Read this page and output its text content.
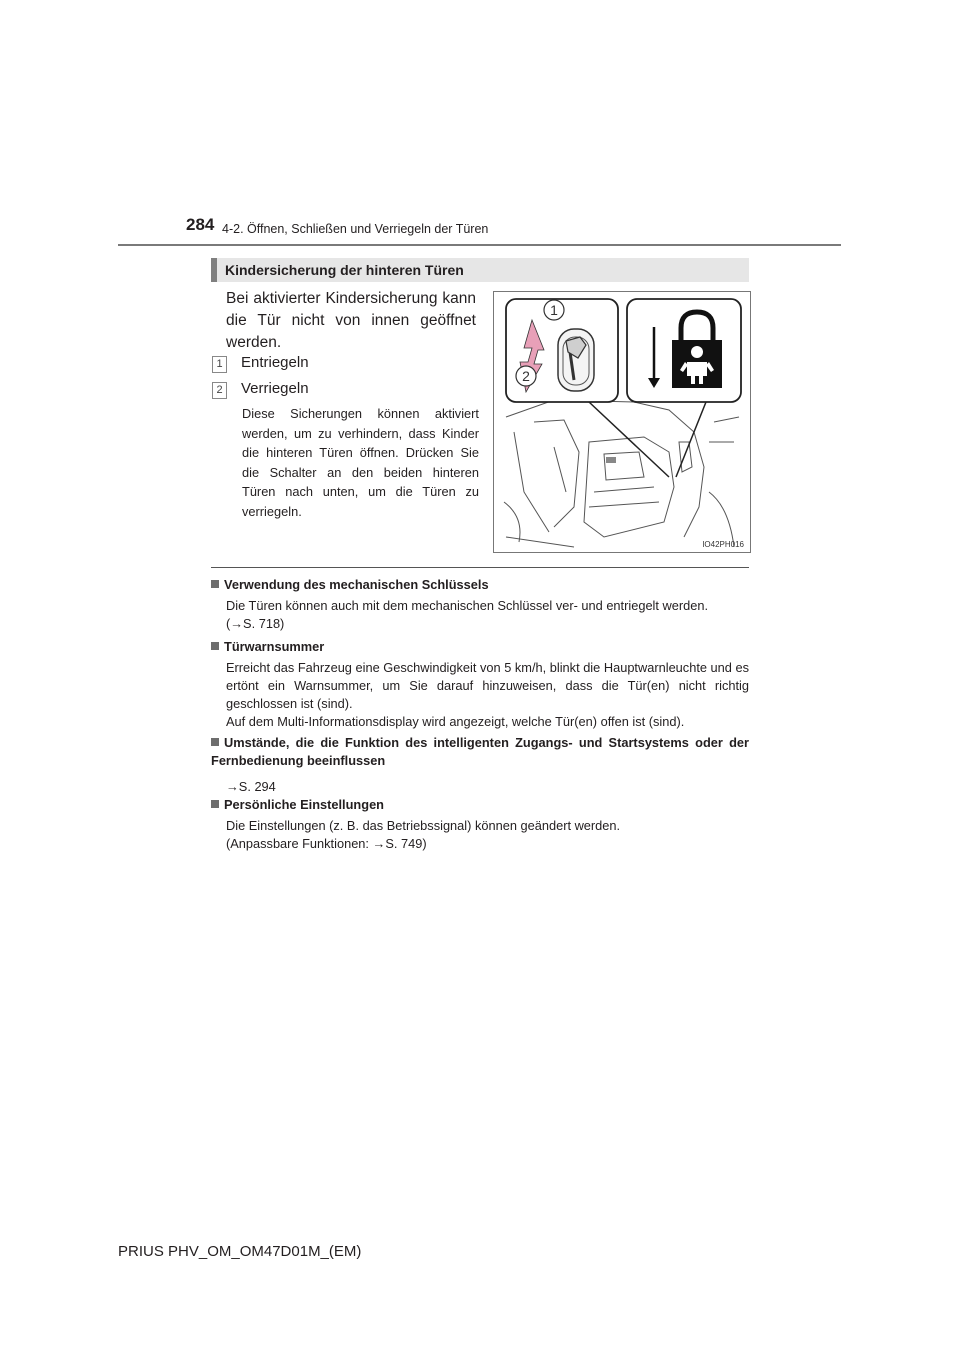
284 4-2. Öffnen, Schließen und Verriegeln der Türen
Kindersicherung der hinteren Türen
Bei aktivierter Kindersicherung kann die Tür nicht von innen geöffnet werden.
1 Entriegeln
2 Verriegeln
Diese Sicherungen können aktiviert werden, um zu verhindern, dass Kinder die hinteren Türen öffnen. Drücken Sie die Schalter an den beiden hinteren Türen nach unten, um die Türen zu verriegeln.
1
2
IO42PH016
Verwendung des mechanischen Schlüssels

Die Türen können auch mit dem mechanischen Schlüssel ver- und entriegelt werden.

(→S. 718)

Türwarnsummer

Erreicht das Fahrzeug eine Geschwindigkeit von 5 km/h, blinkt die Hauptwarnleuchte und es ertönt ein Warnsummer, um Sie darauf hinzuweisen, dass die Tür(en) nicht richtig geschlossen ist (sind).

Auf dem Multi-Informationsdisplay wird angezeigt, welche Tür(en) offen ist (sind).

Umstände, die die Funktion des intelligenten Zugangs- und Startsystems oder der Fernbedienung beeinflussen

→S. 294

Persönliche Einstellungen

Die Einstellungen (z. B. das Betriebssignal) können geändert werden.

(Anpassbare Funktionen: →S. 749)

PRIUS PHV_OM_OM47D01M_(EM)
